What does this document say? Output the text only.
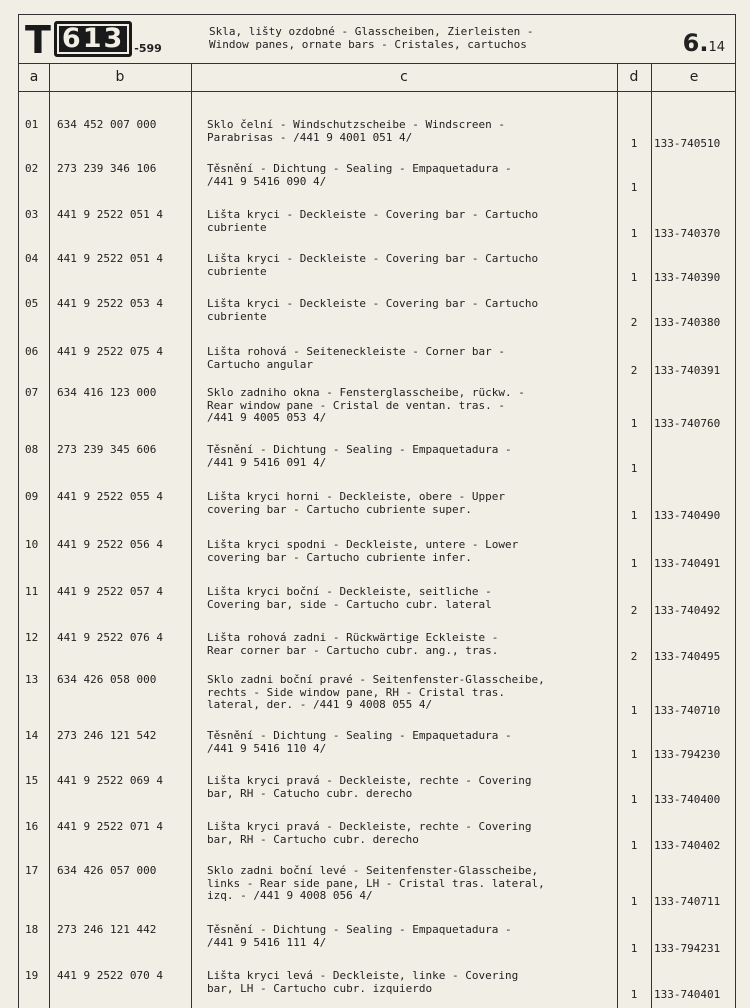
T 613 -599
Skla, lišty ozdobné - Glasscheiben, Zierleisten -
Window panes, ornate bars - Cristales, cartuchos	6.14
a	b	c	d	e
01 634 452 007 000	Sklo čelní - Windschutzscheibe - Windscreen -
Parabrisas - /441 9 4001 051 4/	1	133-740510
02 273 239 346 106	Těsnění - Dichtung - Sealing - Empaquetadura -
/441 9 5416 090 4/	1
03 441 9 2522 051 4	Lišta kryci - Deckleiste - Covering bar - Cartucho
cubriente	1	133-740370
04 441 9 2522 051 4	Lišta kryci - Deckleiste - Covering bar - Cartucho
cubriente	1	133-740390
05 441 9 2522 053 4	Lišta kryci - Deckleiste - Covering bar - Cartucho
cubriente	2	133-740380
06 441 9 2522 075 4	Lišta rohová - Seiteneckleiste - Corner bar -
Cartucho angular	2	133-740391
07 634 416 123 000	Sklo zadniho okna - Fensterglasscheibe, rückw. -
Rear window pane - Cristal de ventan. tras. -
/441 9 4005 053 4/	1	133-740760
08 273 239 345 606	Těsnění - Dichtung - Sealing - Empaquetadura -
/441 9 5416 091 4/	1
09 441 9 2522 055 4	Lišta kryci horni - Deckleiste, obere - Upper
covering bar - Cartucho cubriente super.	1	133-740490
10 441 9 2522 056 4	Lišta kryci spodni - Deckleiste, untere - Lower
covering bar - Cartucho cubriente infer.	1	133-740491
11 441 9 2522 057 4	Lišta kryci boční - Deckleiste, seitliche -
Covering bar, side - Cartucho cubr. lateral	2	133-740492
12 441 9 2522 076 4	Lišta rohová zadni - Rückwärtige Eckleiste -
Rear corner bar - Cartucho cubr. ang., tras.	2	133-740495
13 634 426 058 000	Sklo zadni boční pravé - Seitenfenster-Glasscheibe,
rechts - Side window pane, RH - Cristal tras.
lateral, der. - /441 9 4008 055 4/	1	133-740710
14 273 246 121 542	Těsnění - Dichtung - Sealing - Empaquetadura -
/441 9 5416 110 4/	1	133-794230
15 441 9 2522 069 4	Lišta kryci pravá - Deckleiste, rechte - Covering
bar, RH - Catucho cubr. derecho	1	133-740400
16 441 9 2522 071 4	Lišta kryci pravá - Deckleiste, rechte - Covering
bar, RH - Cartucho cubr. derecho	1	133-740402
17 634 426 057 000	Sklo zadni boční levé - Seitenfenster-Glasscheibe,
links - Rear side pane, LH - Cristal tras. lateral,
izq. - /441 9 4008 056 4/	1	133-740711
18 273 246 121 442	Těsnění - Dichtung - Sealing - Empaquetadura -
/441 9 5416 111 4/	1	133-794231
19 441 9 2522 070 4	Lišta kryci levá - Deckleiste, linke - Covering
bar, LH - Cartucho cubr. izquierdo	1	133-740401
